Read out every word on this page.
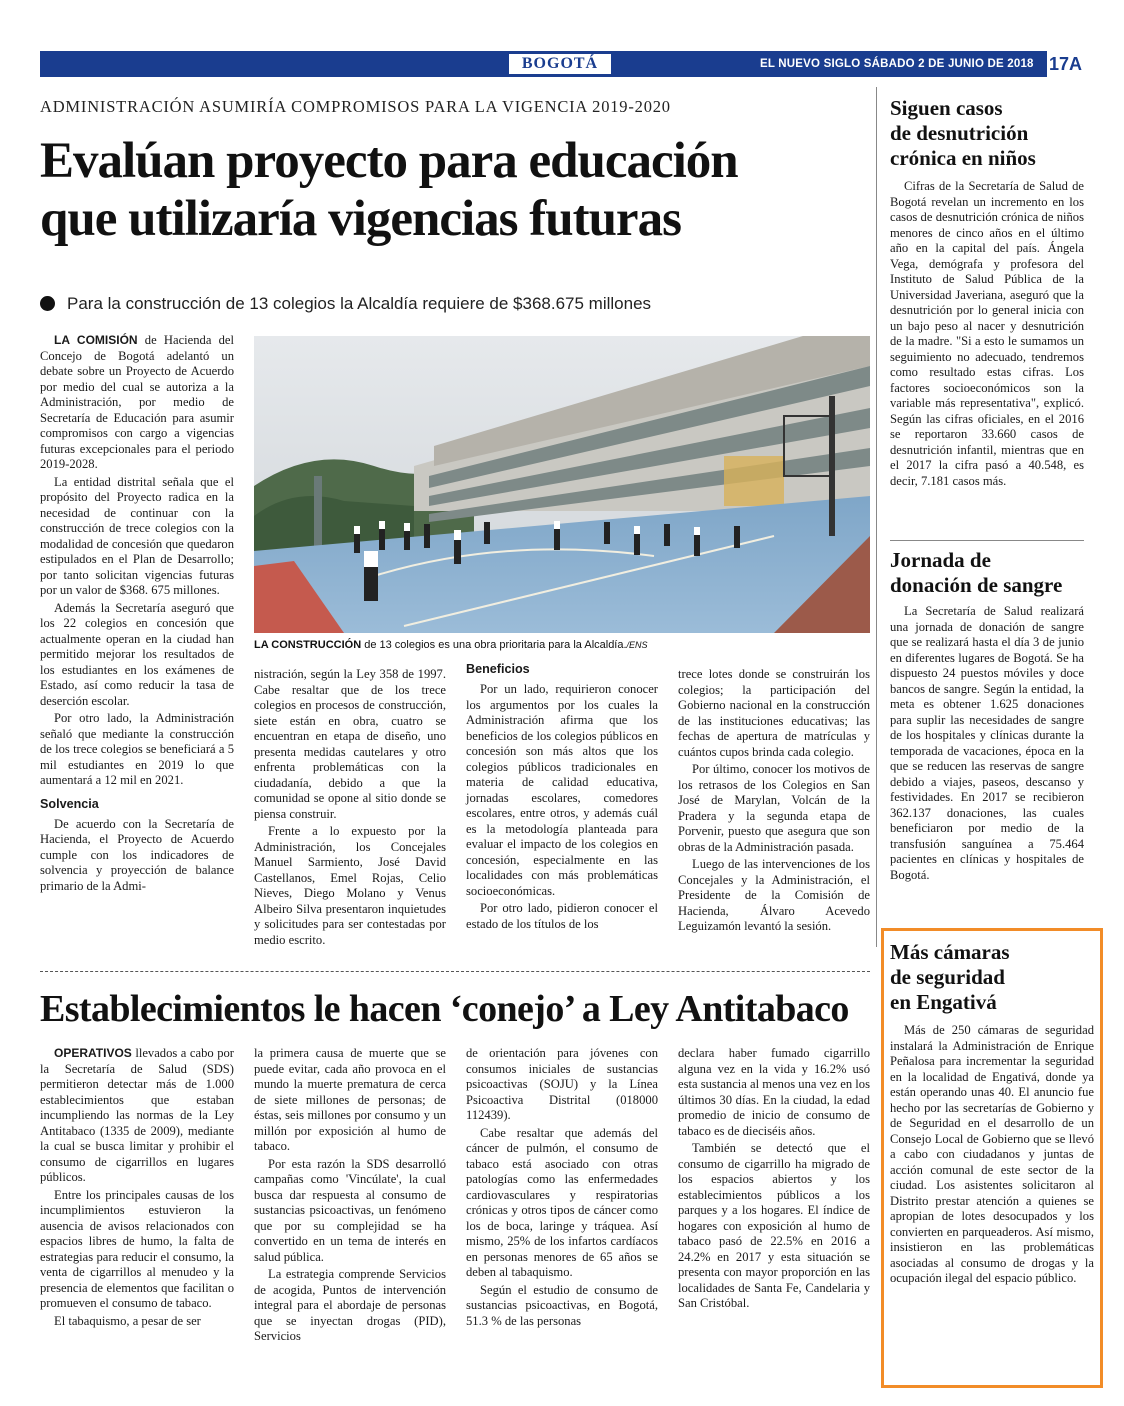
BOGOTÁ	EL NUEVO SIGLO SÁBADO 2 DE JUNIO DE 2018 17A
ADMINISTRACIÓN ASUMIRÍA COMPROMISOS PARA LA VIGENCIA 2019-2020
Evalúan proyecto para educación
que utilizaría vigencias futuras
Para la construcción de 13 colegios la Alcaldía requiere de $368.675 millones

LA COMISIÓN de Hacienda del Concejo de Bogotá adelantó un debate sobre un Proyecto de Acuerdo por medio del cual se autoriza a la Administración, por medio de Secretaría de Educación para asumir compromisos con cargo a vigencias futuras excepcionales para el periodo 2019-2028.

La entidad distrital señala que el propósito del Proyecto radica en la necesidad de continuar con la construcción de trece colegios con la modalidad de concesión que quedaron estipulados en el Plan de Desarrollo; por tanto solicitan vigencias futuras por un valor de $368. 675 millones.

Además la Secretaría aseguró que los 22 colegios en concesión que actualmente operan en la ciudad han permitido mejorar los resultados de los estudiantes en los exámenes de Estado, así como reducir la tasa de deserción escolar.

Por otro lado, la Administración señaló que mediante la construcción de los trece colegios se beneficiará a 5 mil estudiantes en 2019 lo que aumentará a 12 mil en 2021.

Solvencia

De acuerdo con la Secretaría de Hacienda, el Proyecto de Acuerdo cumple con los indicadores de solvencia y proyección de balance primario de la Admi-

LA CONSTRUCCIÓN de 13 colegios es una obra prioritaria para la Alcaldía./ENS

nistración, según la Ley 358 de 1997. Cabe resaltar que de los trece colegios en procesos de construcción, siete están en obra, cuatro se encuentran en etapa de diseño, uno presenta medidas cautelares y otro enfrenta problemáticas con la ciudadanía, debido a que la comunidad se opone al sitio donde se piensa construir.

Frente a lo expuesto por la Administración, los Concejales Manuel Sarmiento, José David Castellanos, Emel Rojas, Celio Nieves, Diego Molano y Venus Albeiro Silva presentaron inquietudes y solicitudes para ser contestadas por medio escrito.

Beneficios

Por un lado, requirieron conocer los argumentos por los cuales la Administración afirma que los beneficios de los colegios públicos en concesión son más altos que los colegios públicos tradicionales en materia de calidad educativa, jornadas escolares, comedores escolares, entre otros, y además cuál es la metodología planteada para evaluar el impacto de los colegios en concesión, especialmente en las localidades con más problemáticas socioeconómicas.

Por otro lado, pidieron conocer el estado de los títulos de los

trece lotes donde se construirán los colegios; la participación del Gobierno nacional en la construcción de las instituciones educativas; las fechas de apertura de matrículas y cuántos cupos brinda cada colegio.

Por último, conocer los motivos de los retrasos de los Colegios en San José de Marylan, Volcán de la Pradera y la segunda etapa de Porvenir, puesto que asegura que son obras de la Administración pasada.

Luego de las intervenciones de los Concejales y la Administración, el Presidente de la Comisión de Hacienda, Álvaro Acevedo Leguizamón levantó la sesión.

Establecimientos le hacen ‘conejo’ a Ley Antitabaco

OPERATIVOS llevados a cabo por la Secretaría de Salud (SDS) permitieron detectar más de 1.000 establecimientos que estaban incumpliendo las normas de la Ley Antitabaco (1335 de 2009), mediante la cual se busca limitar y prohibir el consumo de cigarrillos en lugares públicos.

Entre los principales causas de los incumplimientos estuvieron la ausencia de avisos relacionados con espacios libres de humo, la falta de estrategias para reducir el consumo, la venta de cigarrillos al menudeo y la presencia de elementos que facilitan o promueven el consumo de tabaco.

El tabaquismo, a pesar de ser

la primera causa de muerte que se puede evitar, cada año provoca en el mundo la muerte prematura de cerca de siete millones de personas; de éstas, seis millones por consumo y un millón por exposición al humo de tabaco.

Por esta razón la SDS desarrolló campañas como 'Vincúlate', la cual busca dar respuesta al consumo de sustancias psicoactivas, un fenómeno que por su complejidad se ha convertido en un tema de interés en salud pública.

La estrategia comprende Servicios de acogida, Puntos de intervención integral para el abordaje de personas que se inyectan drogas (PID), Servicios

de orientación para jóvenes con consumos iniciales de sustancias psicoactivas (SOJU) y la Línea Psicoactiva Distrital (018000 112439).

Cabe resaltar que además del cáncer de pulmón, el consumo de tabaco está asociado con otras patologías como las enfermedades cardiovasculares y respiratorias crónicas y otros tipos de cáncer como los de boca, laringe y tráquea. Así mismo, 25% de los infartos cardíacos en personas menores de 65 años se deben al tabaquismo.

Según el estudio de consumo de sustancias psicoactivas, en Bogotá, 51.3 % de las personas

declara haber fumado cigarrillo alguna vez en la vida y 16.2% usó esta sustancia al menos una vez en los últimos 30 días. En la ciudad, la edad promedio de inicio de consumo de tabaco es de dieciséis años.

También se detectó que el consumo de cigarrillo ha migrado de los espacios abiertos y los establecimientos públicos a los parques y a los hogares. El índice de hogares con exposición al humo de tabaco pasó de 22.5% en 2016 a 24.2% en 2017 y esta situación se presenta con mayor proporción en las localidades de Santa Fe, Candelaria y San Cristóbal.

Siguen casos
de desnutrición
crónica en niños

Cifras de la Secretaría de Salud de Bogotá revelan un incremento en los casos de desnutrición crónica de niños menores de cinco años en el último año en la capital del país. Ángela Vega, demógrafa y profesora del Instituto de Salud Pública de la Universidad Javeriana, aseguró que la desnutrición por lo general inicia con un bajo peso al nacer y desnutrición de la madre. "Si a esto le sumamos un seguimiento no adecuado, tendremos como resultado estas cifras. Los factores socioeconómicos son la variable más representativa", explicó. Según las cifras oficiales, en el 2016 se reportaron 33.660 casos de desnutrición infantil, mientras que en el 2017 la cifra pasó a 40.548, es decir, 7.181 casos más.

Jornada de
donación de sangre

La Secretaría de Salud realizará una jornada de donación de sangre que se realizará hasta el día 3 de junio en diferentes lugares de Bogotá. Se ha dispuesto 24 puestos móviles y doce bancos de sangre. Según la entidad, la meta es obtener 1.625 donaciones para suplir las necesidades de sangre de los hospitales y clínicas durante la temporada de vacaciones, época en la que se reducen las reservas de sangre debido a viajes, paseos, descanso y festividades. En 2017 se recibieron 362.137 donaciones, las cuales beneficiaron por medio de la transfusión sanguínea a 75.464 pacientes en clínicas y hospitales de Bogotá.

Más cámaras
de seguridad
en Engativá

Más de 250 cámaras de seguridad instalará la Administración de Enrique Peñalosa para incrementar la seguridad en la localidad de Engativá, donde ya están operando unas 40. El anuncio fue hecho por las secretarías de Gobierno y de Seguridad en el desarrollo de un Consejo Local de Gobierno que se llevó a cabo con ciudadanos y juntas de acción comunal de este sector de la ciudad. Los asistentes solicitaron al Distrito prestar atención a quienes se apropian de lotes desocupados y los convierten en parqueaderos. Así mismo, insistieron en las problemáticas asociadas al consumo de drogas y la ocupación ilegal del espacio público.
